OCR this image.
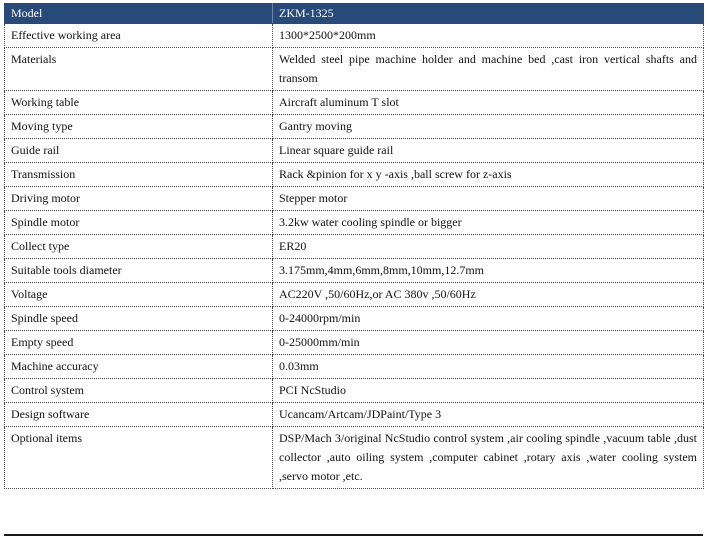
Model	ZKM-1325
Effective working area	1300*2500*200mm
Materials	Welded steel pipe machine holder and machine bed ,cast iron vertical shafts and transom
Working table	Aircraft aluminum T slot
Moving type	Gantry moving
Guide rail	Linear square guide rail
Transmission	Rack &pinion for x y -axis ,ball screw for z-axis
Driving motor	Stepper motor
Spindle motor	3.2kw water cooling spindle or bigger
Collect type	ER20
Suitable tools diameter	3.175mm,4mm,6mm,8mm,10mm,12.7mm
Voltage	AC220V ,50/60Hz,or AC 380v ,50/60Hz
Spindle speed	0-24000rpm/min
Empty speed	0-25000mm/min
Machine accuracy	0.03mm
Control system	PCI NcStudio
Design software	Ucancam/Artcam/JDPaint/Type 3
Optional items	DSP/Mach 3/original NcStudio control system ,air cooling spindle ,vacuum table ,dust collector ,auto oiling system ,computer cabinet ,rotary axis ,water cooling system ,servo motor ,etc.
